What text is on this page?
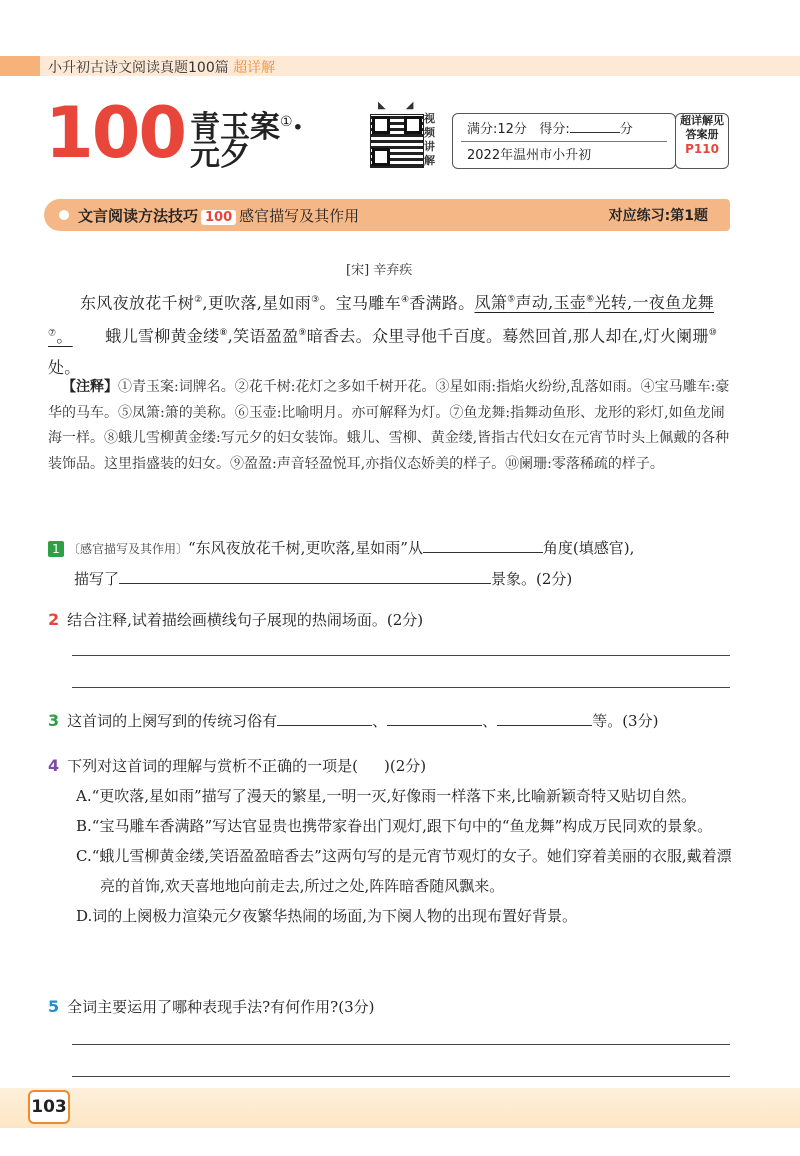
小升初古诗文阅读真题100篇 超详解
100 青玉案①·
元夕
◣◢
视频讲解
满分:12分 得分:	分
2022年温州市小升初
超详解见
答案册
P110
文言阅读方法技巧 100 感官描写及其作用	对应练习:第1题
[宋] 辛弃疾

东风夜放花千树②,更吹落,星如雨③。宝马雕车④香满路。凤箫⑤声动,玉壶⑥光转,一夜鱼龙舞⑦。   蛾儿雪柳黄金缕⑧,笑语盈盈⑨暗香去。众里寻他千百度。蓦然回首,那人却在,灯火阑珊⑩处。

【注释】①青玉案:词牌名。②花千树:花灯之多如千树开花。③星如雨:指焰火纷纷,乱落如雨。④宝马雕车:豪华的马车。⑤凤箫:箫的美称。⑥玉壶:比喻明月。亦可解释为灯。⑦鱼龙舞:指舞动鱼形、龙形的彩灯,如鱼龙闹海一样。⑧蛾儿雪柳黄金缕:写元夕的妇女装饰。蛾儿、雪柳、黄金缕,皆指古代妇女在元宵节时头上佩戴的各种装饰品。这里指盛装的妇女。⑨盈盈:声音轻盈悦耳,亦指仪态娇美的样子。⑩阑珊:零落稀疏的样子。

1 〔感官描写及其作用〕“东风夜放花千树,更吹落,星如雨”从	角度(填感官),
描写了	景象。(2分)
2 结合注释,试着描绘画横线句子展现的热闹场面。(2分)
3 这首词的上阕写到的传统习俗有	、	、	等。(3分)
4 下列对这首词的理解与赏析不正确的一项是( )(2分)

A.“更吹落,星如雨”描写了漫天的繁星,一明一灭,好像雨一样落下来,比喻新颖奇特又贴切自然。

B.“宝马雕车香满路”写达官显贵也携带家眷出门观灯,跟下句中的“鱼龙舞”构成万民同欢的景象。

C.“蛾儿雪柳黄金缕,笑语盈盈暗香去”这两句写的是元宵节观灯的女子。她们穿着美丽的衣服,戴着漂亮的首饰,欢天喜地地向前走去,所过之处,阵阵暗香随风飘来。

D.词的上阕极力渲染元夕夜繁华热闹的场面,为下阕人物的出现布置好背景。

5 全词主要运用了哪种表现手法?有何作用?(3分)
103
